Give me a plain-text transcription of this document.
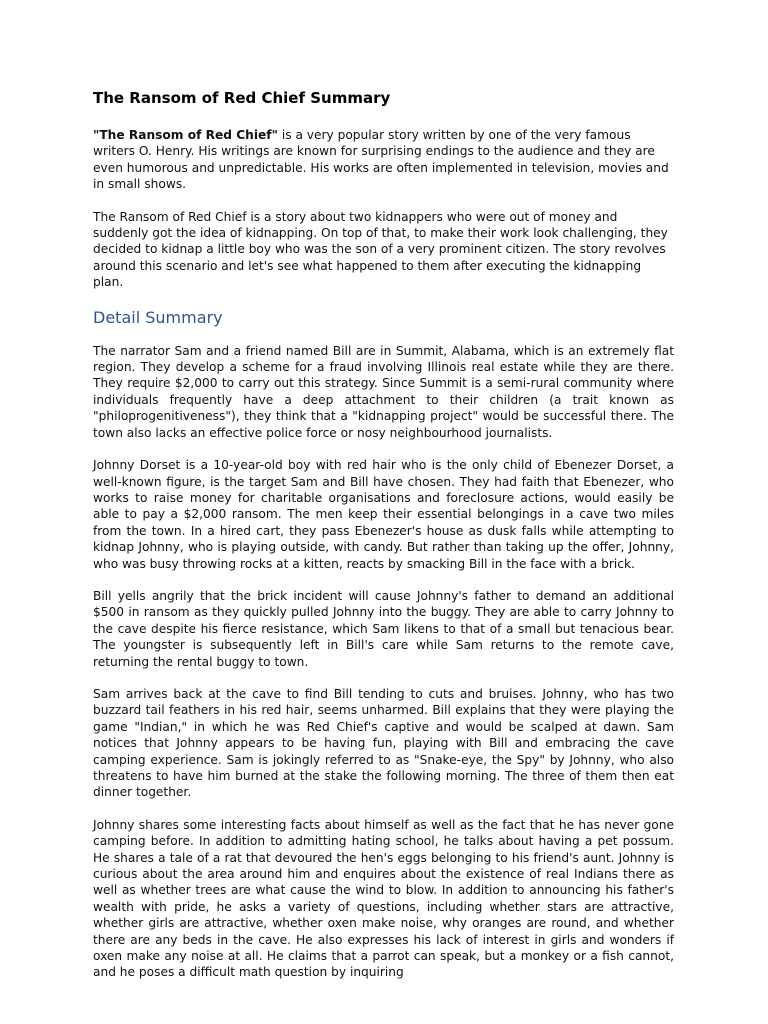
The Ransom of Red Chief Summary

"The Ransom of Red Chief" is a very popular story written by one of the very famous writers O. Henry. His writings are known for surprising endings to the audience and they are even humorous and unpredictable. His works are often implemented in television, movies and in small shows.

The Ransom of Red Chief is a story about two kidnappers who were out of money and suddenly got the idea of kidnapping. On top of that, to make their work look challenging, they decided to kidnap a little boy who was the son of a very prominent citizen. The story revolves around this scenario and let's see what happened to them after executing the kidnapping plan.

Detail Summary

The narrator Sam and a friend named Bill are in Summit, Alabama, which is an extremely flat region. They develop a scheme for a fraud involving Illinois real estate while they are there. They require $2,000 to carry out this strategy. Since Summit is a semi-rural community where individuals frequently have a deep attachment to their children (a trait known as "philoprogenitiveness"), they think that a "kidnapping project" would be successful there. The town also lacks an effective police force or nosy neighbourhood journalists.

Johnny Dorset is a 10-year-old boy with red hair who is the only child of Ebenezer Dorset, a well-known figure, is the target Sam and Bill have chosen. They had faith that Ebenezer, who works to raise money for charitable organisations and foreclosure actions, would easily be able to pay a $2,000 ransom. The men keep their essential belongings in a cave two miles from the town. In a hired cart, they pass Ebenezer's house as dusk falls while attempting to kidnap Johnny, who is playing outside, with candy. But rather than taking up the offer, Johnny, who was busy throwing rocks at a kitten, reacts by smacking Bill in the face with a brick.

Bill yells angrily that the brick incident will cause Johnny's father to demand an additional $500 in ransom as they quickly pulled Johnny into the buggy. They are able to carry Johnny to the cave despite his fierce resistance, which Sam likens to that of a small but tenacious bear. The youngster is subsequently left in Bill's care while Sam returns to the remote cave, returning the rental buggy to town.

Sam arrives back at the cave to find Bill tending to cuts and bruises. Johnny, who has two buzzard tail feathers in his red hair, seems unharmed. Bill explains that they were playing the game "Indian," in which he was Red Chief's captive and would be scalped at dawn. Sam notices that Johnny appears to be having fun, playing with Bill and embracing the cave camping experience. Sam is jokingly referred to as "Snake-eye, the Spy" by Johnny, who also threatens to have him burned at the stake the following morning. The three of them then eat dinner together.

Johnny shares some interesting facts about himself as well as the fact that he has never gone camping before. In addition to admitting hating school, he talks about having a pet possum. He shares a tale of a rat that devoured the hen's eggs belonging to his friend's aunt. Johnny is curious about the area around him and enquires about the existence of real Indians there as well as whether trees are what cause the wind to blow. In addition to announcing his father's wealth with pride, he asks a variety of questions, including whether stars are attractive, whether girls are attractive, whether oxen make noise, why oranges are round, and whether there are any beds in the cave. He also expresses his lack of interest in girls and wonders if oxen make any noise at all. He claims that a parrot can speak, but a monkey or a fish cannot, and he poses a difficult math question by inquiring
